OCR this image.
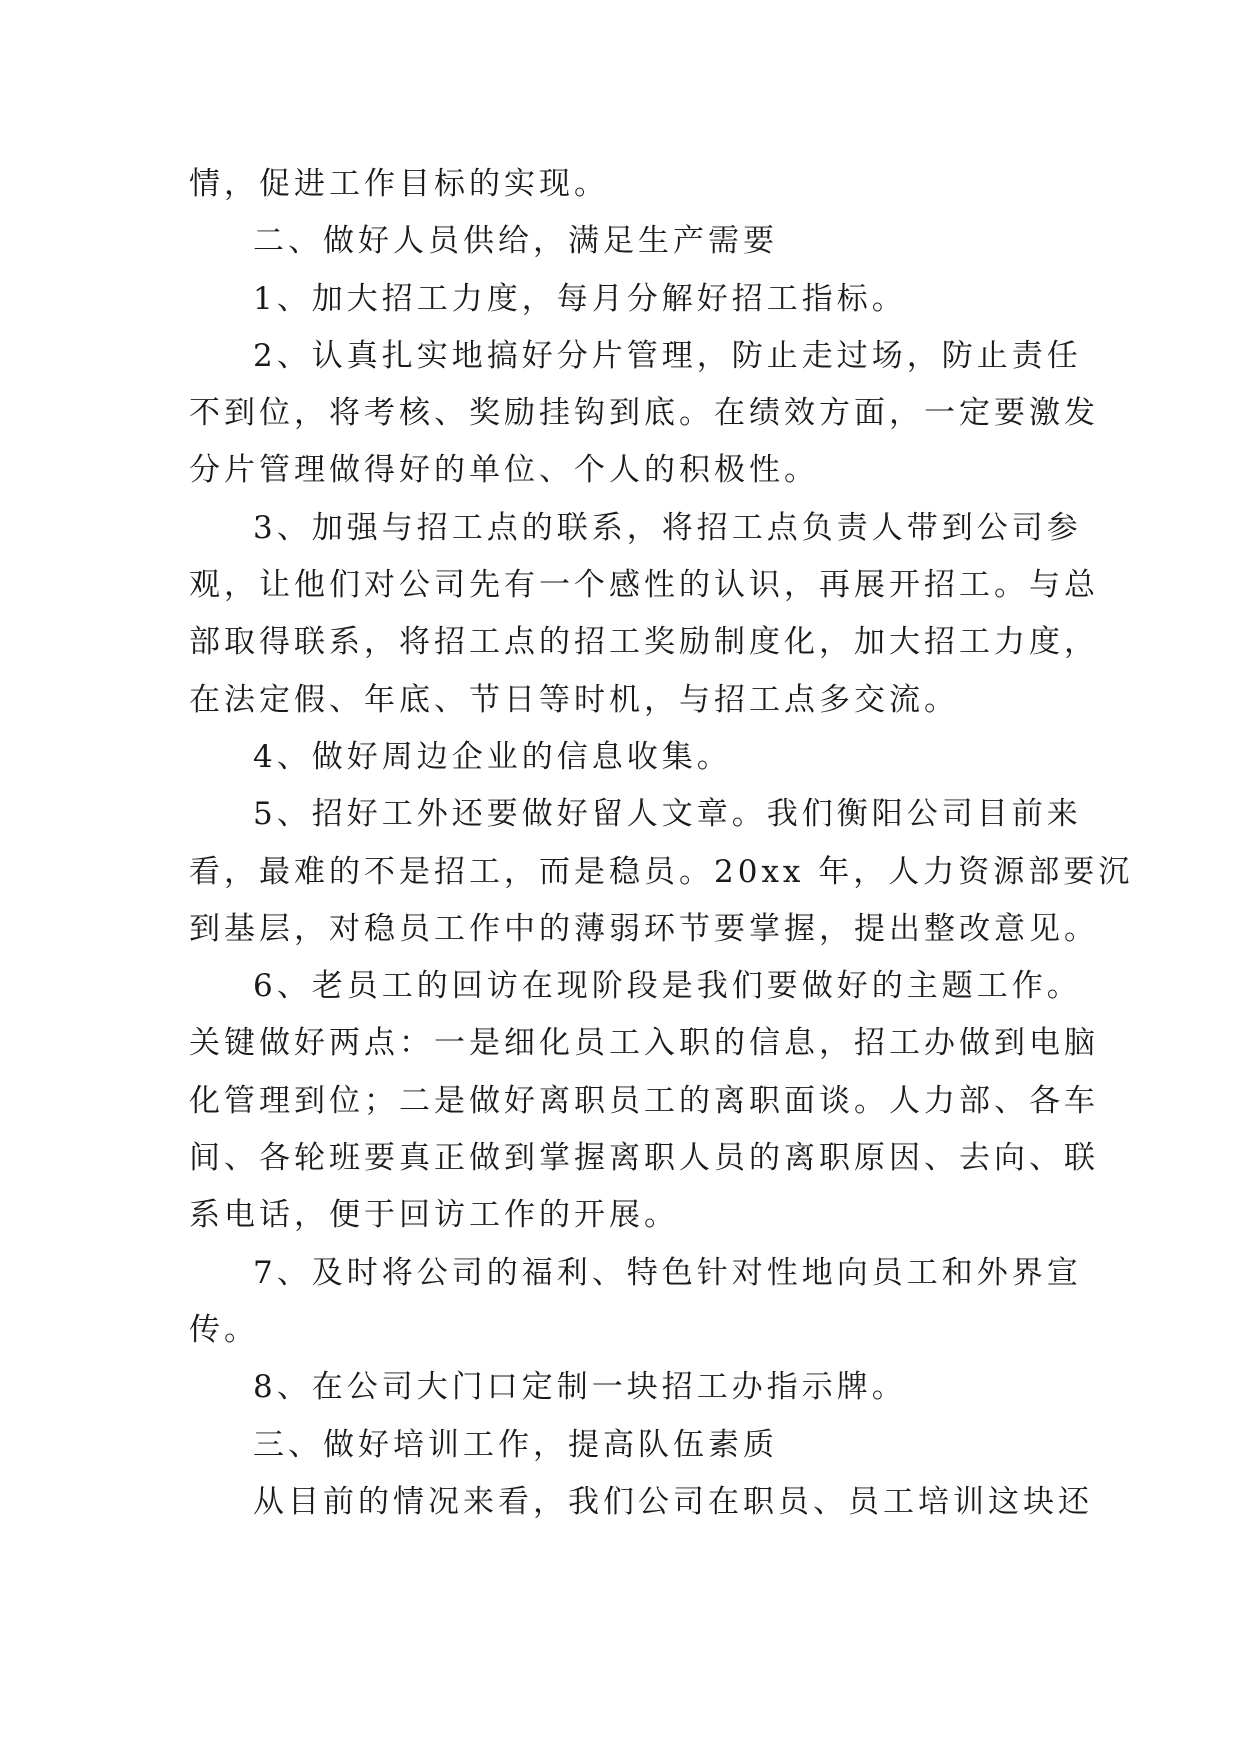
情，促进工作目标的实现。
二、做好人员供给，满足生产需要
1、加大招工力度，每月分解好招工指标。
2、认真扎实地搞好分片管理，防止走过场，防止责任
不到位，将考核、奖励挂钩到底。在绩效方面，一定要激发
分片管理做得好的单位、个人的积极性。
3、加强与招工点的联系，将招工点负责人带到公司参
观，让他们对公司先有一个感性的认识，再展开招工。与总
部取得联系，将招工点的招工奖励制度化，加大招工力度，
在法定假、年底、节日等时机，与招工点多交流。
4、做好周边企业的信息收集。
5、招好工外还要做好留人文章。我们衡阳公司目前来
看，最难的不是招工，而是稳员。20xx 年，人力资源部要沉
到基层，对稳员工作中的薄弱环节要掌握，提出整改意见。
6、老员工的回访在现阶段是我们要做好的主题工作。
关键做好两点：一是细化员工入职的信息，招工办做到电脑
化管理到位；二是做好离职员工的离职面谈。人力部、各车
间、各轮班要真正做到掌握离职人员的离职原因、去向、联
系电话，便于回访工作的开展。
7、及时将公司的福利、特色针对性地向员工和外界宣
传。
8、在公司大门口定制一块招工办指示牌。
三、做好培训工作，提高队伍素质
从目前的情况来看，我们公司在职员、员工培训这块还
